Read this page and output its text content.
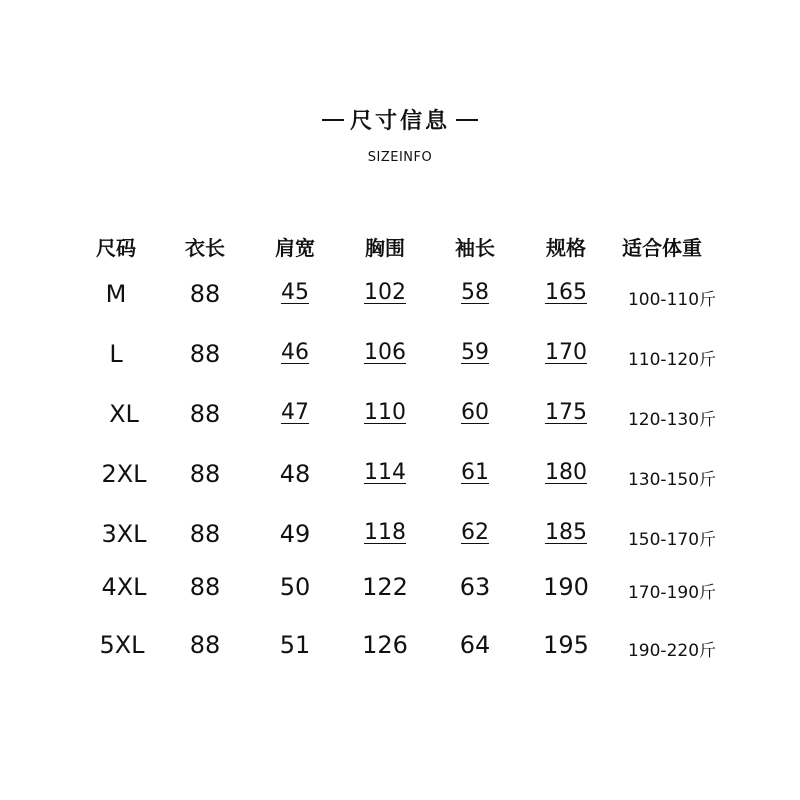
尺寸信息
SIZEINFO
尺码 衣长	肩宽	胸围	袖长	规格 适合体重
M	88	45	102	58	165 100-110斤
L	88	46	106	59	170 110-120斤
XL 88	47	110	60	175 120-130斤
2XL 88 48 114	61	180 130-150斤
3XL 88 49 118	62	185 150-170斤
4XL 88 50 122 63 190 170-190斤
5XL 88 51 126 64 195 190-220斤
